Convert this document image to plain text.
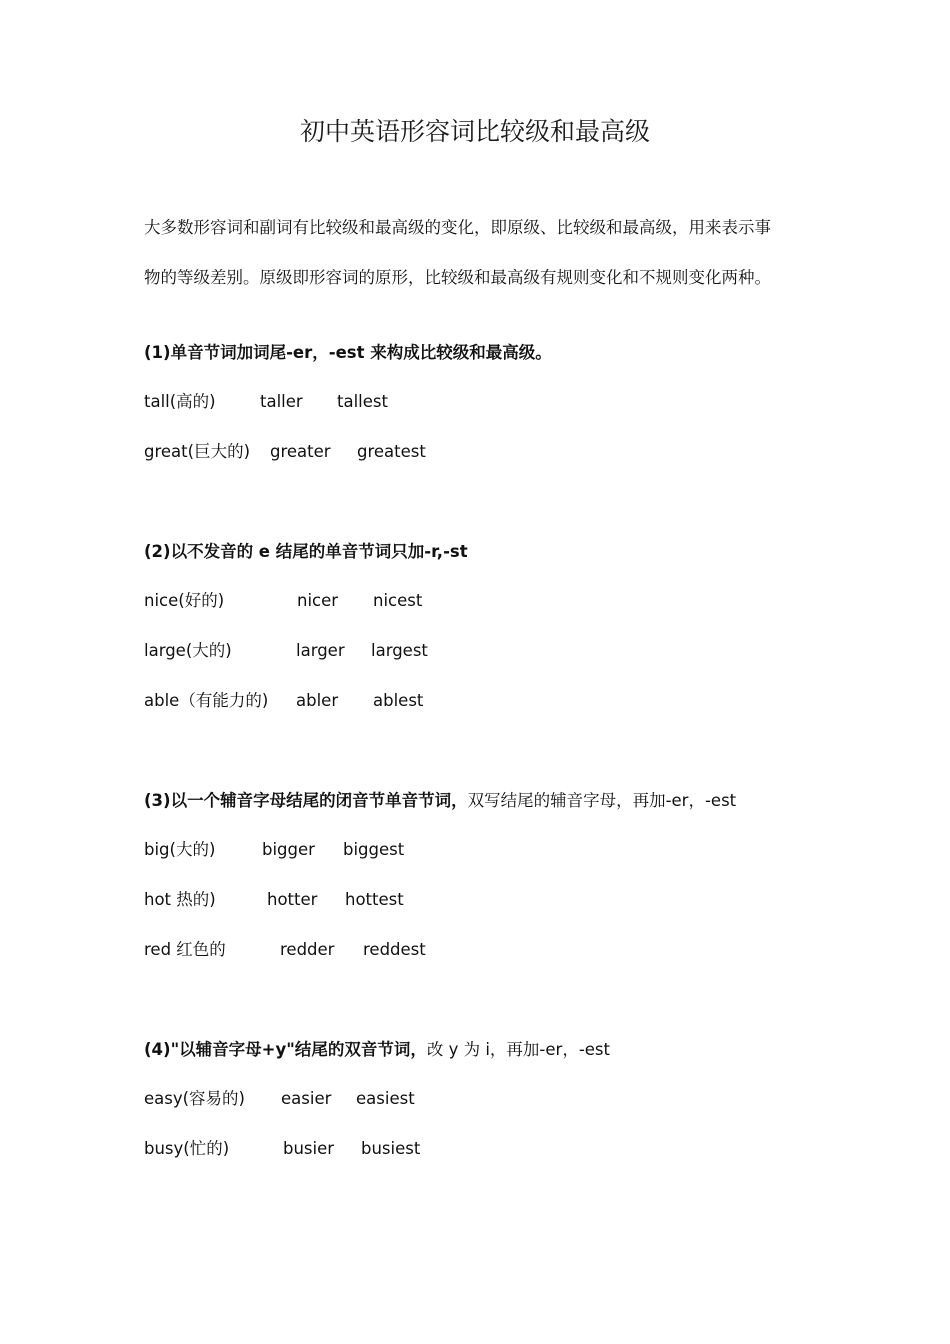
初中英语形容词比较级和最高级
大多数形容词和副词有比较级和最高级的变化，即原级、比较级和最高级，用来表示事
物的等级差别。原级即形容词的原形，比较级和最高级有规则变化和不规则变化两种。
(1)单音节词加词尾-er，-est 来构成比较级和最高级。
tall(高的)	taller tallest
great(巨大的) greater greatest
(2)以不发音的 e 结尾的单音节词只加-r,-st
nice(好的)	nicer nicest
large(大的)	larger largest
able（有能力的) abler ablest
(3)以一个辅音字母结尾的闭音节单音节词，双写结尾的辅音字母，再加-er，-est
big(大的)	bigger biggest
hot 热的)	hotter hottest
red 红色的	redder reddest
(4)"以辅音字母+y"结尾的双音节词，改 y 为 i，再加-er，-est
easy(容易的) easier easiest
busy(忙的)	busier busiest
